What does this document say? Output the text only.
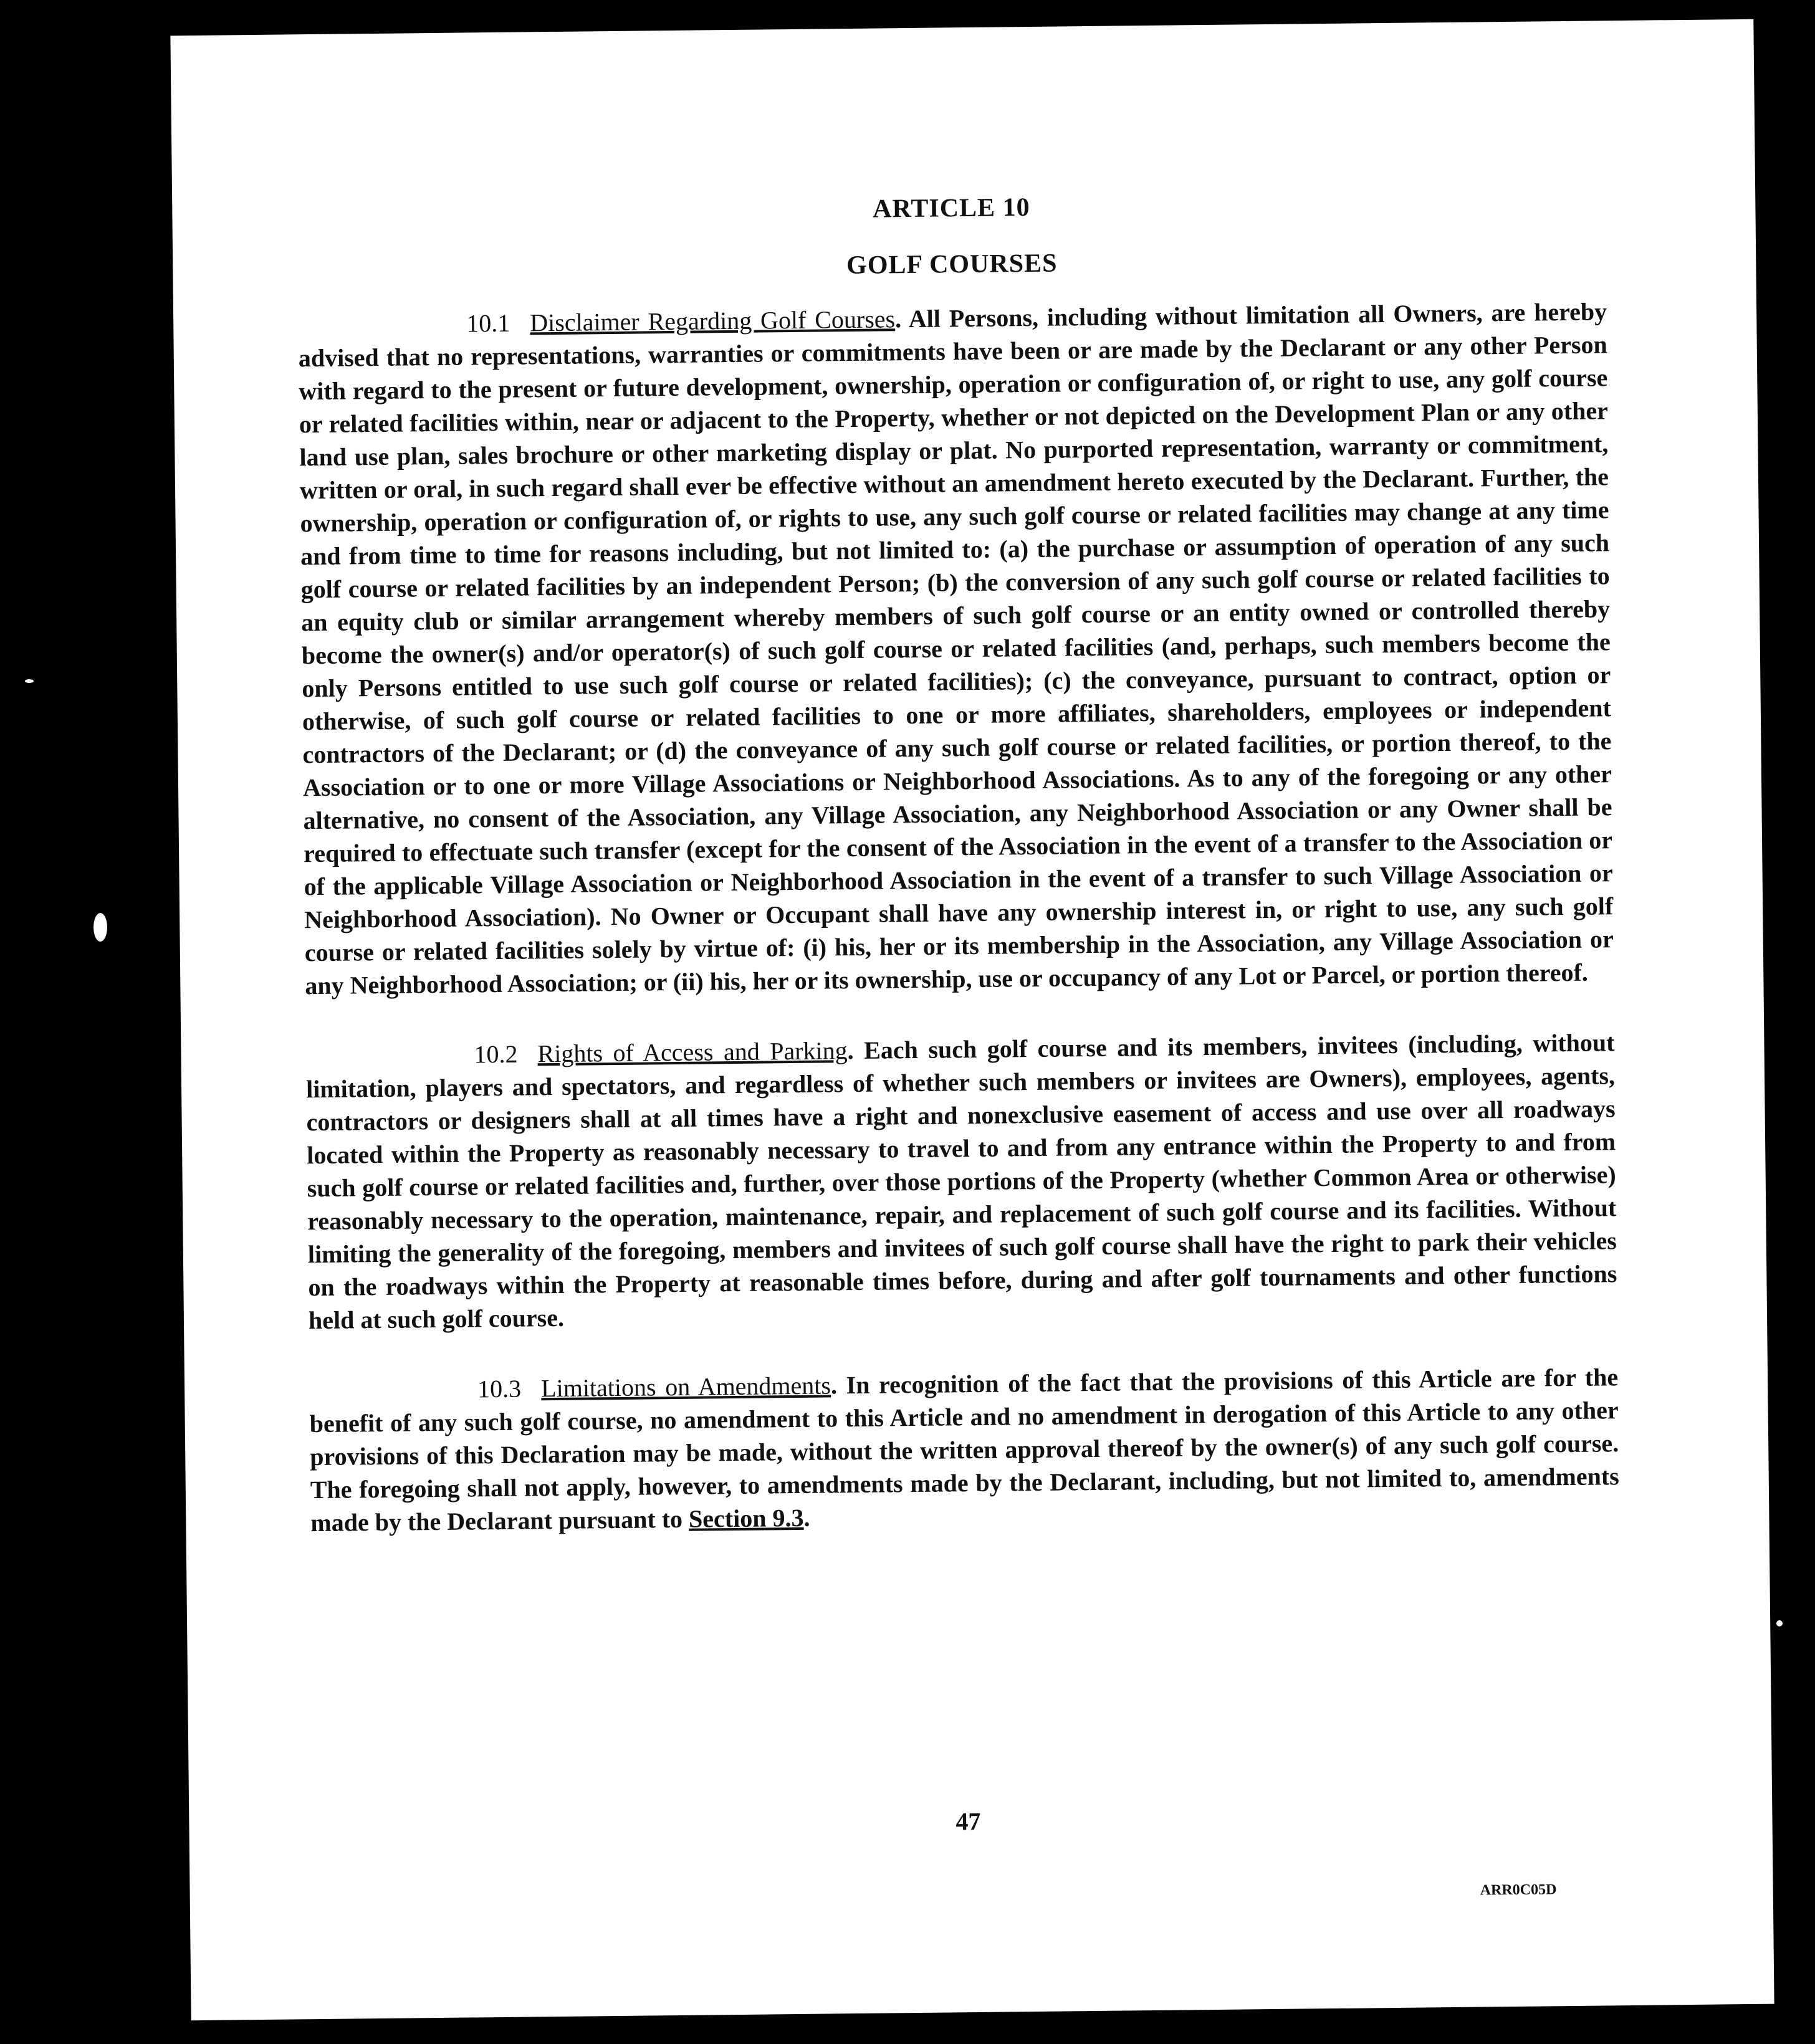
ARTICLE 10

GOLF COURSES

10.1 Disclaimer Regarding Golf Courses. All Persons, including without limitation all Owners, are hereby advised that no representations, warranties or commitments have been or are made by the Declarant or any other Person with regard to the present or future development, ownership, operation or configuration of, or right to use, any golf course or related facilities within, near or adjacent to the Property, whether or not depicted on the Development Plan or any other land use plan, sales brochure or other marketing display or plat. No purported representation, warranty or commitment, written or oral, in such regard shall ever be effective without an amendment hereto executed by the Declarant. Further, the ownership, operation or configuration of, or rights to use, any such golf course or related facilities may change at any time and from time to time for reasons including, but not limited to: (a) the purchase or assumption of operation of any such golf course or related facilities by an independent Person; (b) the conversion of any such golf course or related facilities to an equity club or similar arrangement whereby members of such golf course or an entity owned or controlled thereby become the owner(s) and/or operator(s) of such golf course or related facilities (and, perhaps, such members become the only Persons entitled to use such golf course or related facilities); (c) the conveyance, pursuant to contract, option or otherwise, of such golf course or related facilities to one or more affiliates, shareholders, employees or independent contractors of the Declarant; or (d) the conveyance of any such golf course or related facilities, or portion thereof, to the Association or to one or more Village Associations or Neighborhood Associations. As to any of the foregoing or any other alternative, no consent of the Association, any Village Association, any Neighborhood Association or any Owner shall be required to effectuate such transfer (except for the consent of the Association in the event of a transfer to the Association or of the applicable Village Association or Neighborhood Association in the event of a transfer to such Village Association or Neighborhood Association). No Owner or Occupant shall have any ownership interest in, or right to use, any such golf course or related facilities solely by virtue of: (i) his, her or its membership in the Association, any Village Association or any Neighborhood Association; or (ii) his, her or its ownership, use or occupancy of any Lot or Parcel, or portion thereof.

10.2 Rights of Access and Parking. Each such golf course and its members, invitees (including, without limitation, players and spectators, and regardless of whether such members or invitees are Owners), employees, agents, contractors or designers shall at all times have a right and nonexclusive easement of access and use over all roadways located within the Property as reasonably necessary to travel to and from any entrance within the Property to and from such golf course or related facilities and, further, over those portions of the Property (whether Common Area or otherwise) reasonably necessary to the operation, maintenance, repair, and replacement of such golf course and its facilities. Without limiting the generality of the foregoing, members and invitees of such golf course shall have the right to park their vehicles on the roadways within the Property at reasonable times before, during and after golf tournaments and other functions held at such golf course.

10.3 Limitations on Amendments. In recognition of the fact that the provisions of this Article are for the benefit of any such golf course, no amendment to this Article and no amendment in derogation of this Article to any other provisions of this Declaration may be made, without the written approval thereof by the owner(s) of any such golf course. The foregoing shall not apply, however, to amendments made by the Declarant, including, but not limited to, amendments made by the Declarant pursuant to Section 9.3.

47

ARR0C05D
